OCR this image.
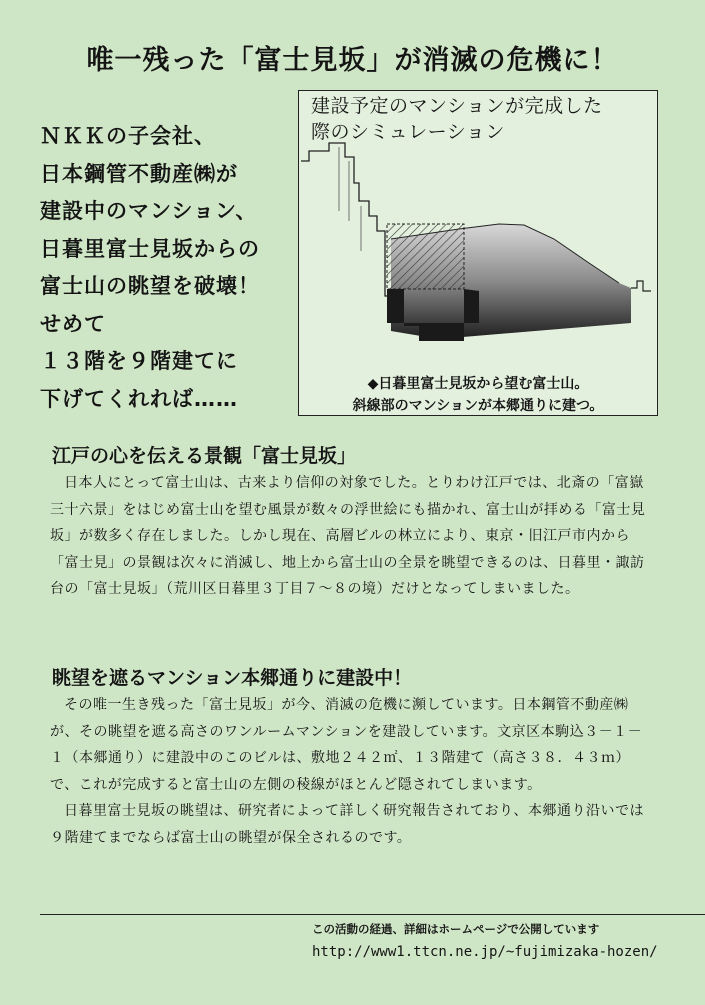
唯一残った「富士見坂」が消滅の危機に！
ＮＫＫの子会社、
日本鋼管不動産㈱が
建設中のマンション、
日暮里富士見坂からの
富士山の眺望を破壊！
せめて
１３階を９階建てに
下げてくれれば……
建設予定のマンションが完成した
際のシミュレーション
◆日暮里富士見坂から望む富士山。
斜線部のマンションが本郷通りに建つ。
江戸の心を伝える景観「富士見坂」

日本人にとって富士山は、古来より信仰の対象でした。とりわけ江戸では、北斎の「富嶽三十六景」をはじめ富士山を望む風景が数々の浮世絵にも描かれ、富士山が拝める「富士見坂」が数多く存在しました。しかし現在、高層ビルの林立により、東京・旧江戸市内から「富士見」の景観は次々に消滅し、地上から富士山の全景を眺望できるのは、日暮里・諏訪台の「富士見坂」（荒川区日暮里３丁目７〜８の境）だけとなってしまいました。

眺望を遮るマンション本郷通りに建設中！

その唯一生き残った「富士見坂」が今、消滅の危機に瀕しています。日本鋼管不動産㈱が、その眺望を遮る高さのワンルームマンションを建設しています。文京区本駒込３－１－１（本郷通り）に建設中のこのビルは、敷地２４２㎡、１３階建て（高さ３８．４３ｍ）で、これが完成すると富士山の左側の稜線がほとんど隠されてしまいます。

日暮里富士見坂の眺望は、研究者によって詳しく研究報告されており、本郷通り沿いでは９階建てまでならば富士山の眺望が保全されるのです。

この活動の経過、詳細はホームページで公開しています
http://www1.ttcn.ne.jp/~fujimizaka-hozen/
